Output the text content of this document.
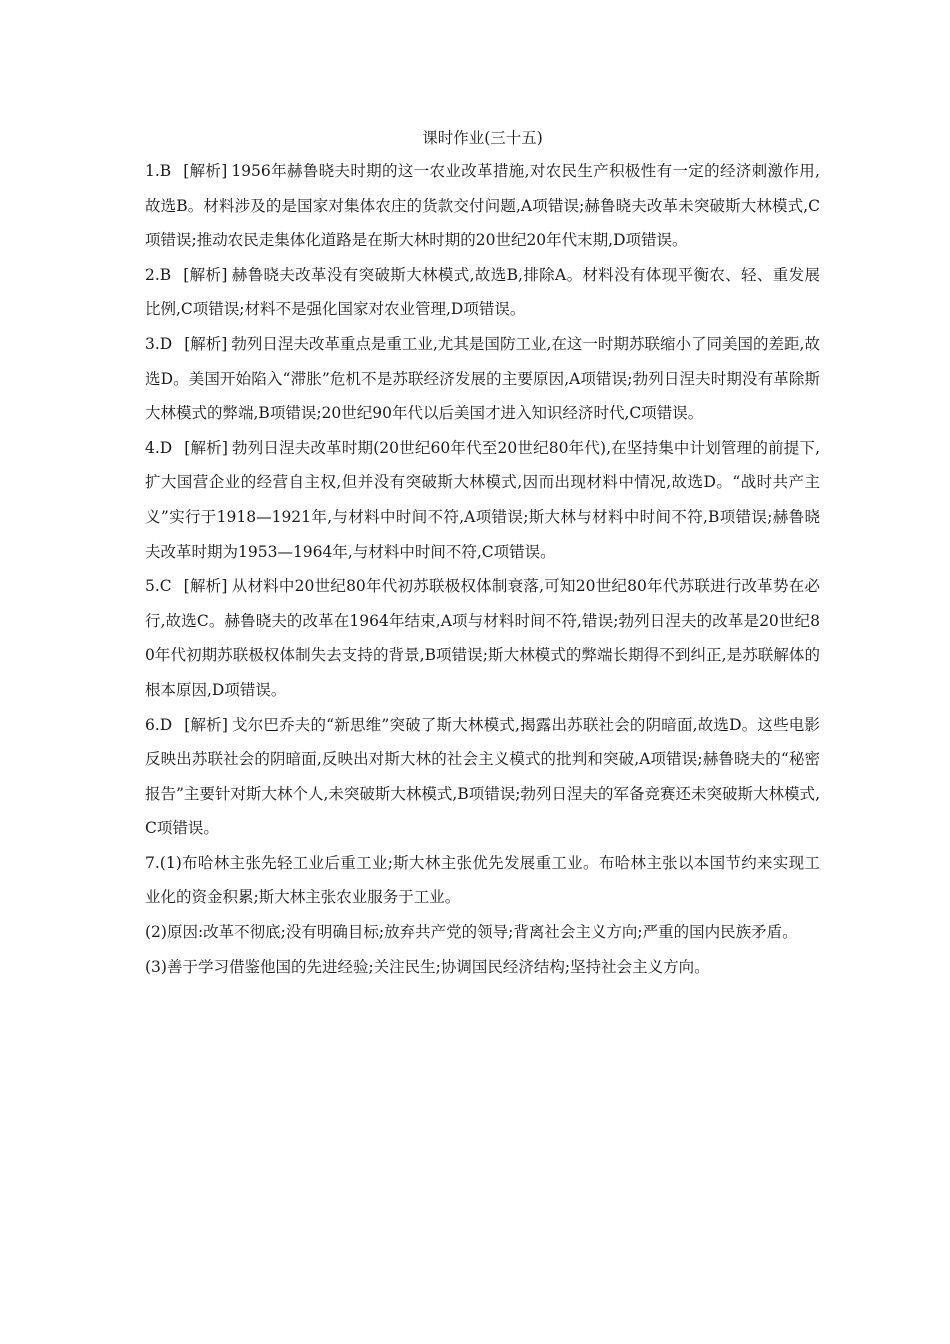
课时作业(三十五)

1.B [解析] 1956年赫鲁晓夫时期的这一农业改革措施,对农民生产积极性有一定的经济刺激作用,故选B。材料涉及的是国家对集体农庄的货款交付问题,A项错误;赫鲁晓夫改革未突破斯大林模式,C项错误;推动农民走集体化道路是在斯大林时期的20世纪20年代末期,D项错误。

2.B [解析] 赫鲁晓夫改革没有突破斯大林模式,故选B,排除A。材料没有体现平衡农、轻、重发展比例,C项错误;材料不是强化国家对农业管理,D项错误。

3.D [解析] 勃列日涅夫改革重点是重工业,尤其是国防工业,在这一时期苏联缩小了同美国的差距,故选D。美国开始陷入“滞胀”危机不是苏联经济发展的主要原因,A项错误;勃列日涅夫时期没有革除斯大林模式的弊端,B项错误;20世纪90年代以后美国才进入知识经济时代,C项错误。

4.D [解析] 勃列日涅夫改革时期(20世纪60年代至20世纪80年代),在坚持集中计划管理的前提下,扩大国营企业的经营自主权,但并没有突破斯大林模式,因而出现材料中情况,故选D。“战时共产主义”实行于1918—1921年,与材料中时间不符,A项错误;斯大林与材料中时间不符,B项错误;赫鲁晓夫改革时期为1953—1964年,与材料中时间不符,C项错误。

5.C [解析] 从材料中20世纪80年代初苏联极权体制衰落,可知20世纪80年代苏联进行改革势在必行,故选C。赫鲁晓夫的改革在1964年结束,A项与材料时间不符,错误;勃列日涅夫的改革是20世纪80年代初期苏联极权体制失去支持的背景,B项错误;斯大林模式的弊端长期得不到纠正,是苏联解体的根本原因,D项错误。

6.D [解析] 戈尔巴乔夫的“新思维”突破了斯大林模式,揭露出苏联社会的阴暗面,故选D。这些电影反映出苏联社会的阴暗面,反映出对斯大林的社会主义模式的批判和突破,A项错误;赫鲁晓夫的“秘密报告”主要针对斯大林个人,未突破斯大林模式,B项错误;勃列日涅夫的军备竞赛还未突破斯大林模式,C项错误。

7.(1)布哈林主张先轻工业后重工业;斯大林主张优先发展重工业。布哈林主张以本国节约来实现工业化的资金积累;斯大林主张农业服务于工业。

(2)原因:改革不彻底;没有明确目标;放弃共产党的领导;背离社会主义方向;严重的国内民族矛盾。

(3)善于学习借鉴他国的先进经验;关注民生;协调国民经济结构;坚持社会主义方向。
